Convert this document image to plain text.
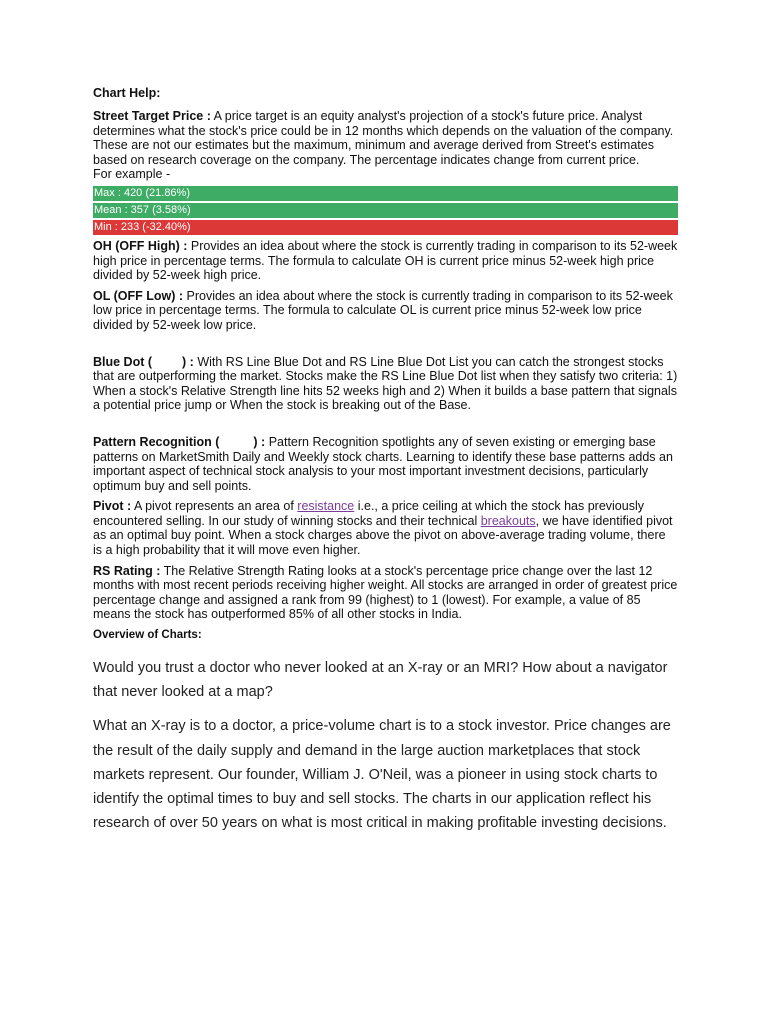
Chart Help:
Street Target Price : A price target is an equity analyst's projection of a stock's future price. Analyst determines what the stock's price could be in 12 months which depends on the valuation of the company. These are not our estimates but the maximum, minimum and average derived from Street's estimates based on research coverage on the company. The percentage indicates change from current price.
For example -
Max : 420 (21.86%)
Mean : 357 (3.58%)
Min : 233 (-32.40%)
OH (OFF High) : Provides an idea about where the stock is currently trading in comparison to its 52-week high price in percentage terms. The formula to calculate OH is current price minus 52-week high price divided by 52-week high price.
OL (OFF Low) : Provides an idea about where the stock is currently trading in comparison to its 52-week low price in percentage terms. The formula to calculate OL is current price minus 52-week low price divided by 52-week low price.
Blue Dot ( ) : With RS Line Blue Dot and RS Line Blue Dot List you can catch the strongest stocks that are outperforming the market. Stocks make the RS Line Blue Dot list when they satisfy two criteria: 1) When a stock's Relative Strength line hits 52 weeks high and 2) When it builds a base pattern that signals a potential price jump or When the stock is breaking out of the Base.
Pattern Recognition (	) : Pattern Recognition spotlights any of seven existing or emerging base patterns on MarketSmith Daily and Weekly stock charts. Learning to identify these base patterns adds an important aspect of technical stock analysis to your most important investment decisions, particularly optimum buy and sell points.
Pivot : A pivot represents an area of resistance i.e., a price ceiling at which the stock has previously encountered selling. In our study of winning stocks and their technical breakouts, we have identified pivot as an optimal buy point. When a stock charges above the pivot on above-average trading volume, there is a high probability that it will move even higher.
RS Rating : The Relative Strength Rating looks at a stock's percentage price change over the last 12 months with most recent periods receiving higher weight. All stocks are arranged in order of greatest price percentage change and assigned a rank from 99 (highest) to 1 (lowest). For example, a value of 85 means the stock has outperformed 85% of all other stocks in India.
Overview of Charts:
Would you trust a doctor who never looked at an X-ray or an MRI? How about a navigator that never looked at a map?
What an X-ray is to a doctor, a price-volume chart is to a stock investor. Price changes are the result of the daily supply and demand in the large auction marketplaces that stock markets represent. Our founder, William J. O'Neil, was a pioneer in using stock charts to identify the optimal times to buy and sell stocks. The charts in our application reflect his research of over 50 years on what is most critical in making profitable investing decisions.
